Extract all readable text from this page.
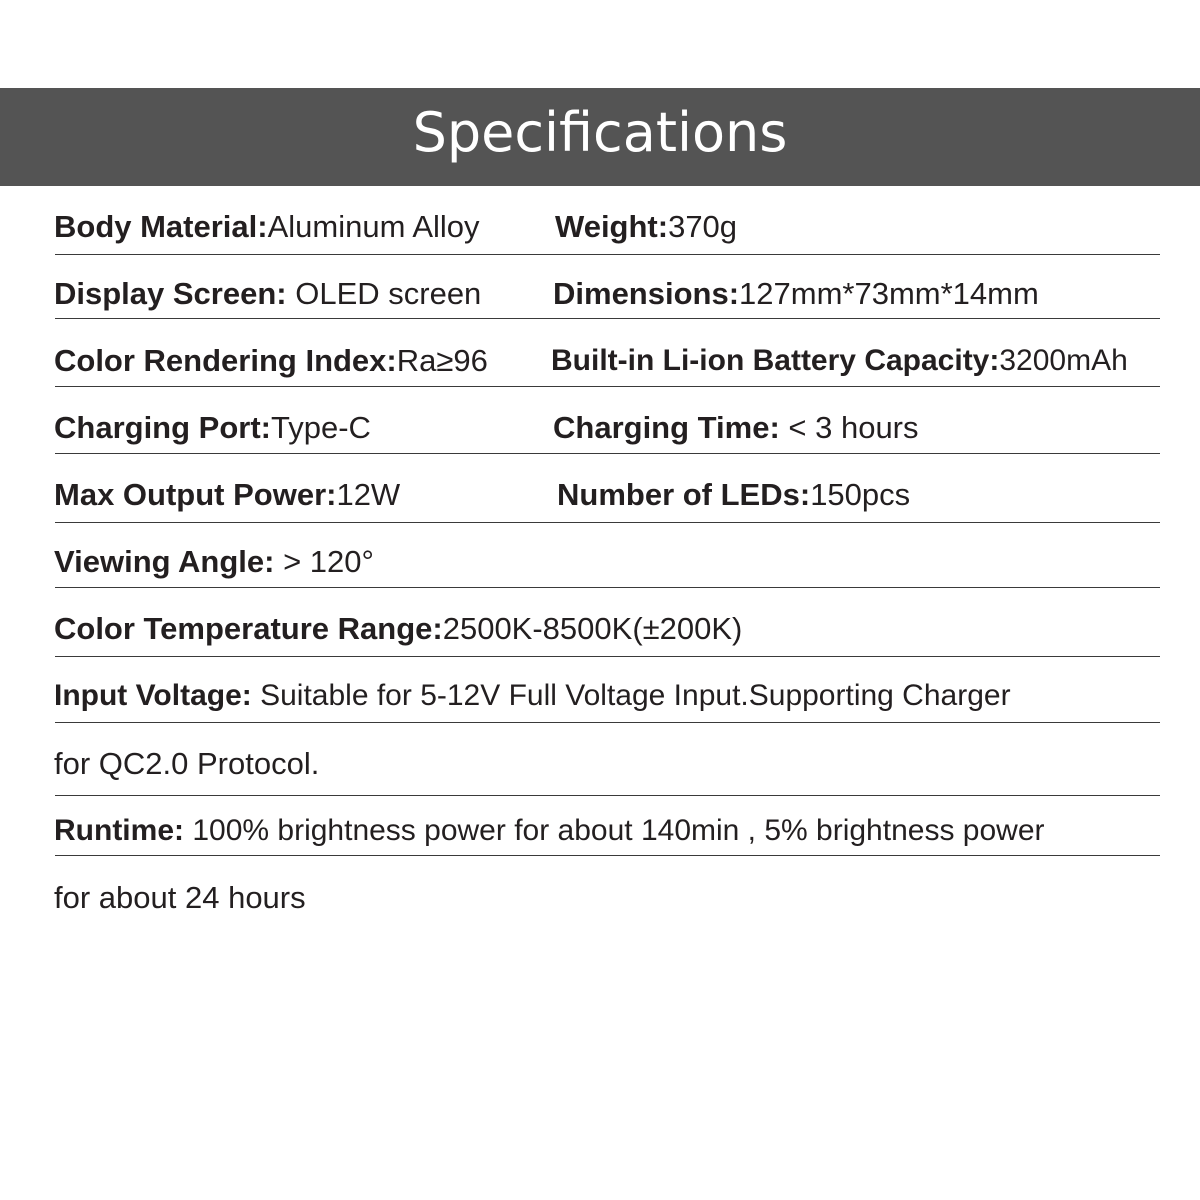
Specifications
Body Material:Aluminum Alloy Weight:370g
Display Screen: OLED screen Dimensions:127mm*73mm*14mm
Color Rendering Index:Ra≥96 Built-in Li-ion Battery Capacity:3200mAh
Charging Port:Type-C	Charging Time: < 3 hours
Max Output Power:12W	Number of LEDs:150pcs
Viewing Angle: > 120°
Color Temperature Range:2500K-8500K(±200K)
Input Voltage: Suitable for 5-12V Full Voltage Input.Supporting Charger
for QC2.0 Protocol.
Runtime: 100% brightness power for about 140min , 5% brightness power
for about 24 hours
